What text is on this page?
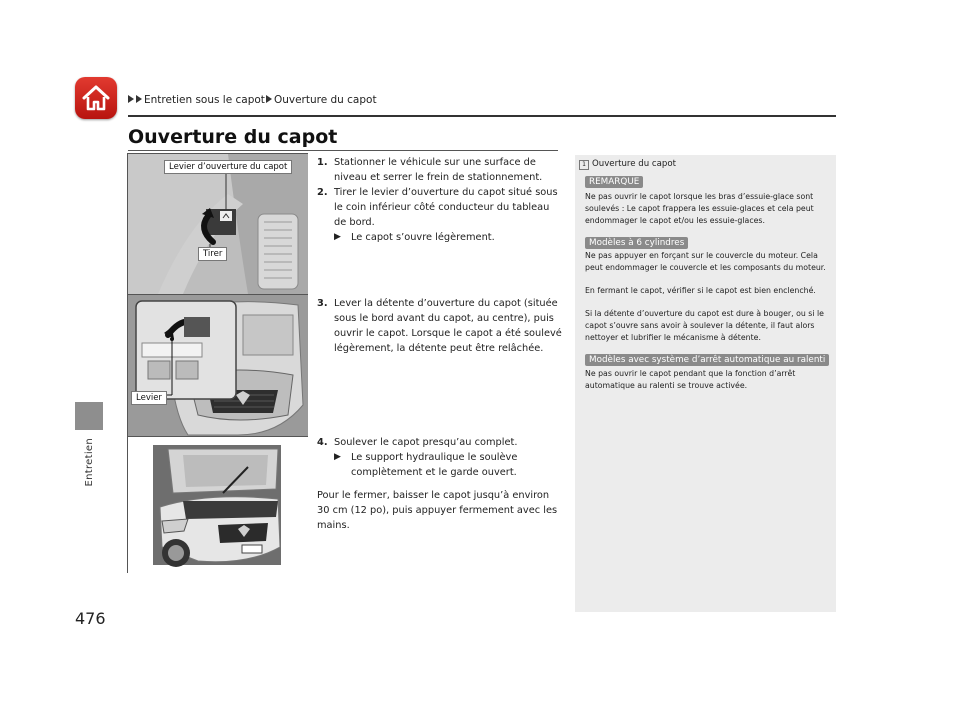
Entretien sous le capot Ouverture du capot
Ouverture du capot
Entretien
476
Levier d’ouverture du capot
Tirer
Levier
1. Stationner le véhicule sur une surface de niveau et serrer le frein de stationnement.
2. Tirer le levier d’ouverture du capot situé sous le coin inférieur côté conducteur du tableau de bord.
▶	Le capot s’ouvre légèrement.
3. Lever la détente d’ouverture du capot (située sous le bord avant du capot, au centre), puis ouvrir le capot. Lorsque le capot a été soulevé légèrement, la détente peut être relâchée.
4. Soulever le capot presqu’au complet.
▶	Le support hydraulique le soulève complètement et le garde ouvert.
Pour le fermer, baisser le capot jusqu’à environ 30 cm (12 po), puis appuyer fermement avec les mains.
1 Ouverture du capot
REMARQUE
Ne pas ouvrir le capot lorsque les bras d’essuie-glace sont soulevés : Le capot frappera les essuie-glaces et cela peut endommager le capot et/ou les essuie-glaces.
Modèles à 6 cylindres
Ne pas appuyer en forçant sur le couvercle du moteur. Cela peut endommager le couvercle et les composants du moteur.
En fermant le capot, vérifier si le capot est bien enclenché.
Si la détente d’ouverture du capot est dure à bouger, ou si le capot s’ouvre sans avoir à soulever la détente, il faut alors nettoyer et lubrifier le mécanisme à détente.
Modèles avec système d’arrêt automatique au ralenti
Ne pas ouvrir le capot pendant que la fonction d’arrêt automatique au ralenti se trouve activée.
